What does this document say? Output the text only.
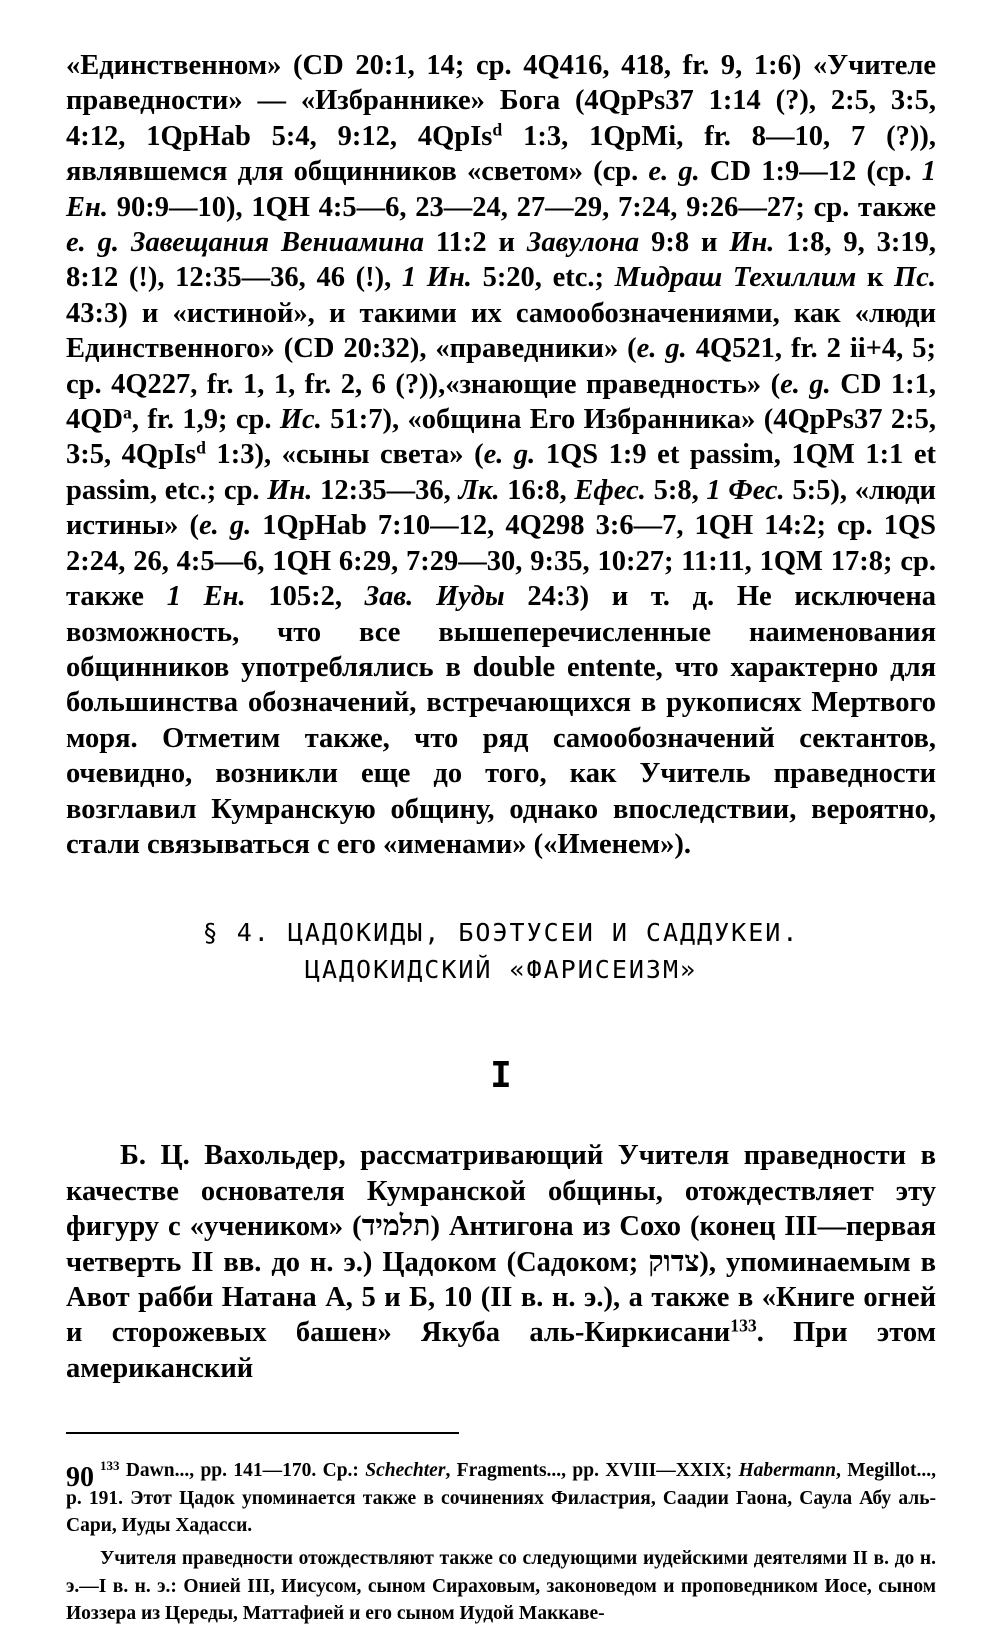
«Единственном» (CD 20:1, 14; ср. 4Q416, 418, fr. 9, 1:6) «Учителе праведности» — «Избраннике» Бога (4QpPs37 1:14 (?), 2:5, 3:5, 4:12, 1QpHab 5:4, 9:12, 4QpIs$^d$ 1:3, 1QpMi, fr. 8—10, 7 (?)), являвшемся для общинников «светом» (ср. e. g. CD 1:9—12 (ср. 1 Ен. 90:9—10), 1QH 4:5—6, 23—24, 27—29, 7:24, 9:26—27; ср. также e. g. Завещания Вениамина 11:2 и Завулона 9:8 и Ин. 1:8, 9, 3:19, 8:12 (!), 12:35—36, 46 (!), 1 Ин. 5:20, etc.; Мидраш Техиллим к Пс. 43:3) и «истиной», и такими их самообозначениями, как «люди Единственного» (CD 20:32), «праведники» (e. g. 4Q521, fr. 2 ii+4, 5; ср. 4Q227, fr. 1, 1, fr. 2, 6 (?)),«знающие праведность» (e. g. CD 1:1, $4QD^a$, fr. 1,9; ср. Ис. 51:7), «община Его Избранника» (4QpPs37 2:5, 3:5, 4QpIs$^d$ 1:3), «сыны света» (e. g. 1QS 1:9 et passim, 1QM 1:1 et passim, etc.; ср. Ин. 12:35—36, Лк. 16:8, Ефес. 5:8, 1 Фес. 5:5), «люди истины» (e. g. 1QpHab 7:10—12, 4Q298 3:6—7, 1QH 14:2; ср. 1QS 2:24, 26, 4:5—6, 1QH 6:29, 7:29—30, 9:35, 10:27; 11:11, 1QM 17:8; ср. также 1 Ен. 105:2, Зав. Иуды 24:3) и т. д. Не исключена возможность, что все вышеперечисленные наименования общинников употреблялись в double entente, что характерно для большинства обозначений, встречающихся в рукописях Мертвого моря. Отметим также, что ряд самообозначений сектантов, очевидно, возникли еще до того, как Учитель праведности возглавил Кумранскую общину, однако впоследствии, вероятно, стали связываться с его «именами» («Именем»).

§ 4. ЦАДОКИДЫ, БОЭТУСЕИ И САДДУКЕИ.
ЦАДОКИДСКИЙ «ФАРИСЕИЗМ»
I

Б. Ц. Вахольдер, рассматривающий Учителя праведности в качестве основателя Кумранской общины, отождествляет эту фигуру с «учеником» (תלמיד) Антигона из Сохо (конец III—первая четверть II вв. до н. э.) Цадоком (Садоком; צדוק), упоминаемым в Авот рабби Натана А, 5 и Б, 10 (II в. н. э.), а также в «Книге огней и сторожевых башен» Якуба аль-Киркисани$^{133}$. При этом американский

$^{133}$ Dawn..., pp. 141—170. Ср.: Schechter, Fragments..., pp. XVIII—XXIX; Habermann, Megillot..., p. 191. Этот Цадок упоминается также в сочинениях Филастрия, Саадии Гаона, Саула Абу аль-Сари, Иуды Хадасси.

Учителя праведности отождествляют также со следующими иудейскими деятелями II в. до н. э.—I в. н. э.: Онией III, Иисусом, сыном Сираховым, законоведом и проповедником Иосе, сыном Иоззера из Цереды, Маттафией и его сыном Иудой Маккаве-

90
